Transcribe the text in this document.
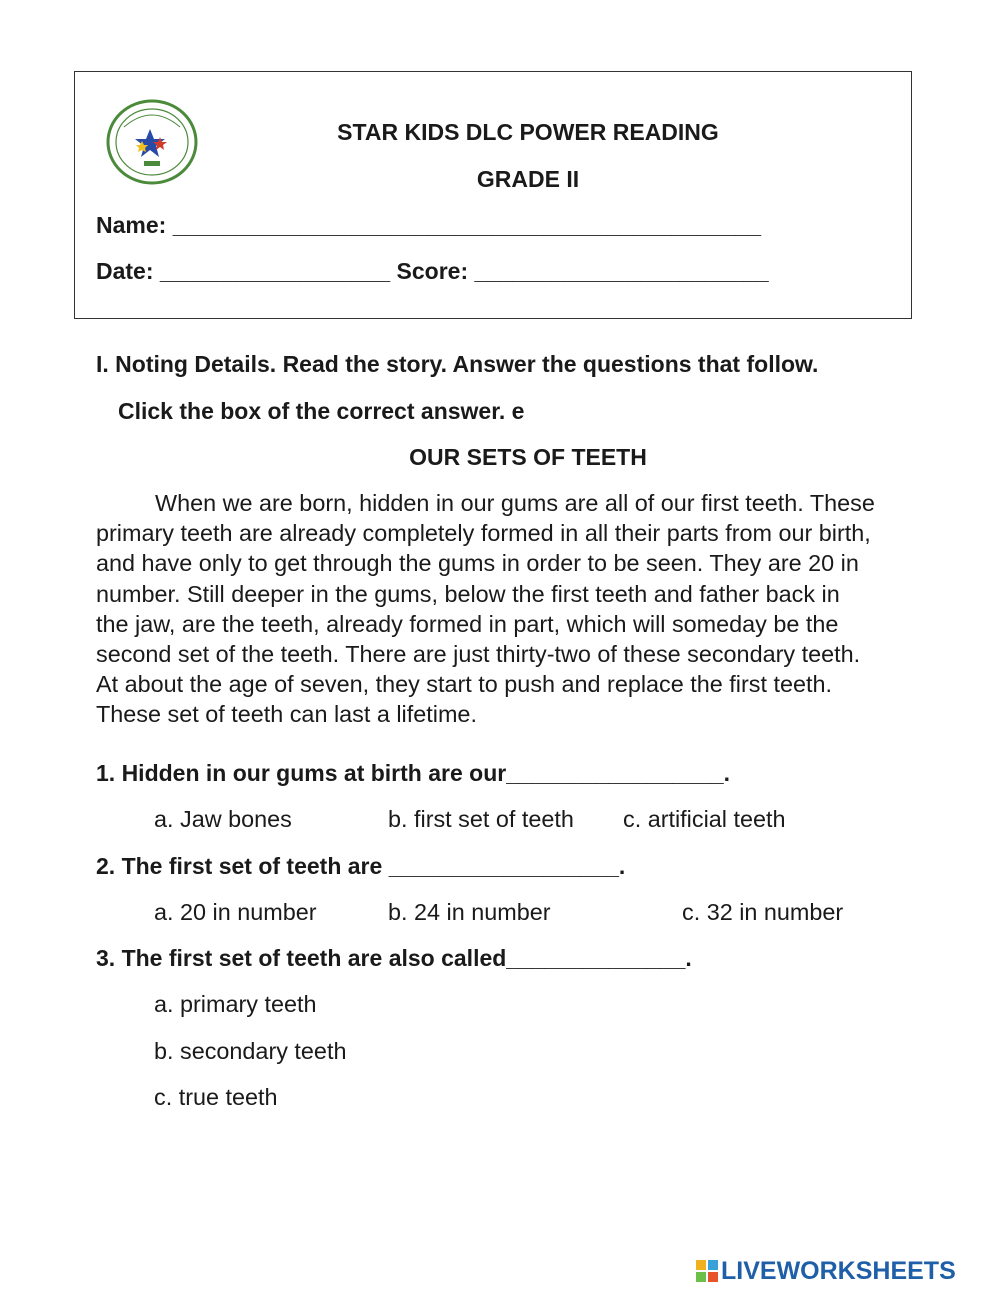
STAR KIDS DLC POWER READING
GRADE II
Name: ______________________________________________
Date: __________________ Score: _______________________
I. Noting Details. Read the story. Answer the questions that follow.
Click the box of the correct answer. e
OUR SETS OF TEETH
When we are born, hidden in our gums are all of our first teeth. These
primary teeth are already completely formed in all their parts from our birth,
and have only to get through the gums in order to be seen. They are 20 in
number. Still deeper in the gums, below the first teeth and father back in
the jaw, are the teeth, already formed in part, which will someday be the
second set of the teeth. There are just thirty-two of these secondary teeth.
At about the age of seven, they start to push and replace the first teeth.
These set of teeth can last a lifetime.
1. Hidden in our gums at birth are our_________________.
a. Jaw bones	b. first set of teeth c. artificial teeth
2. The first set of teeth are __________________.
a. 20 in number	b. 24 in number	c. 32 in number
3. The first set of teeth are also called______________.
a. primary teeth
b. secondary teeth
c. true teeth
LIVEWORKSHEETS
